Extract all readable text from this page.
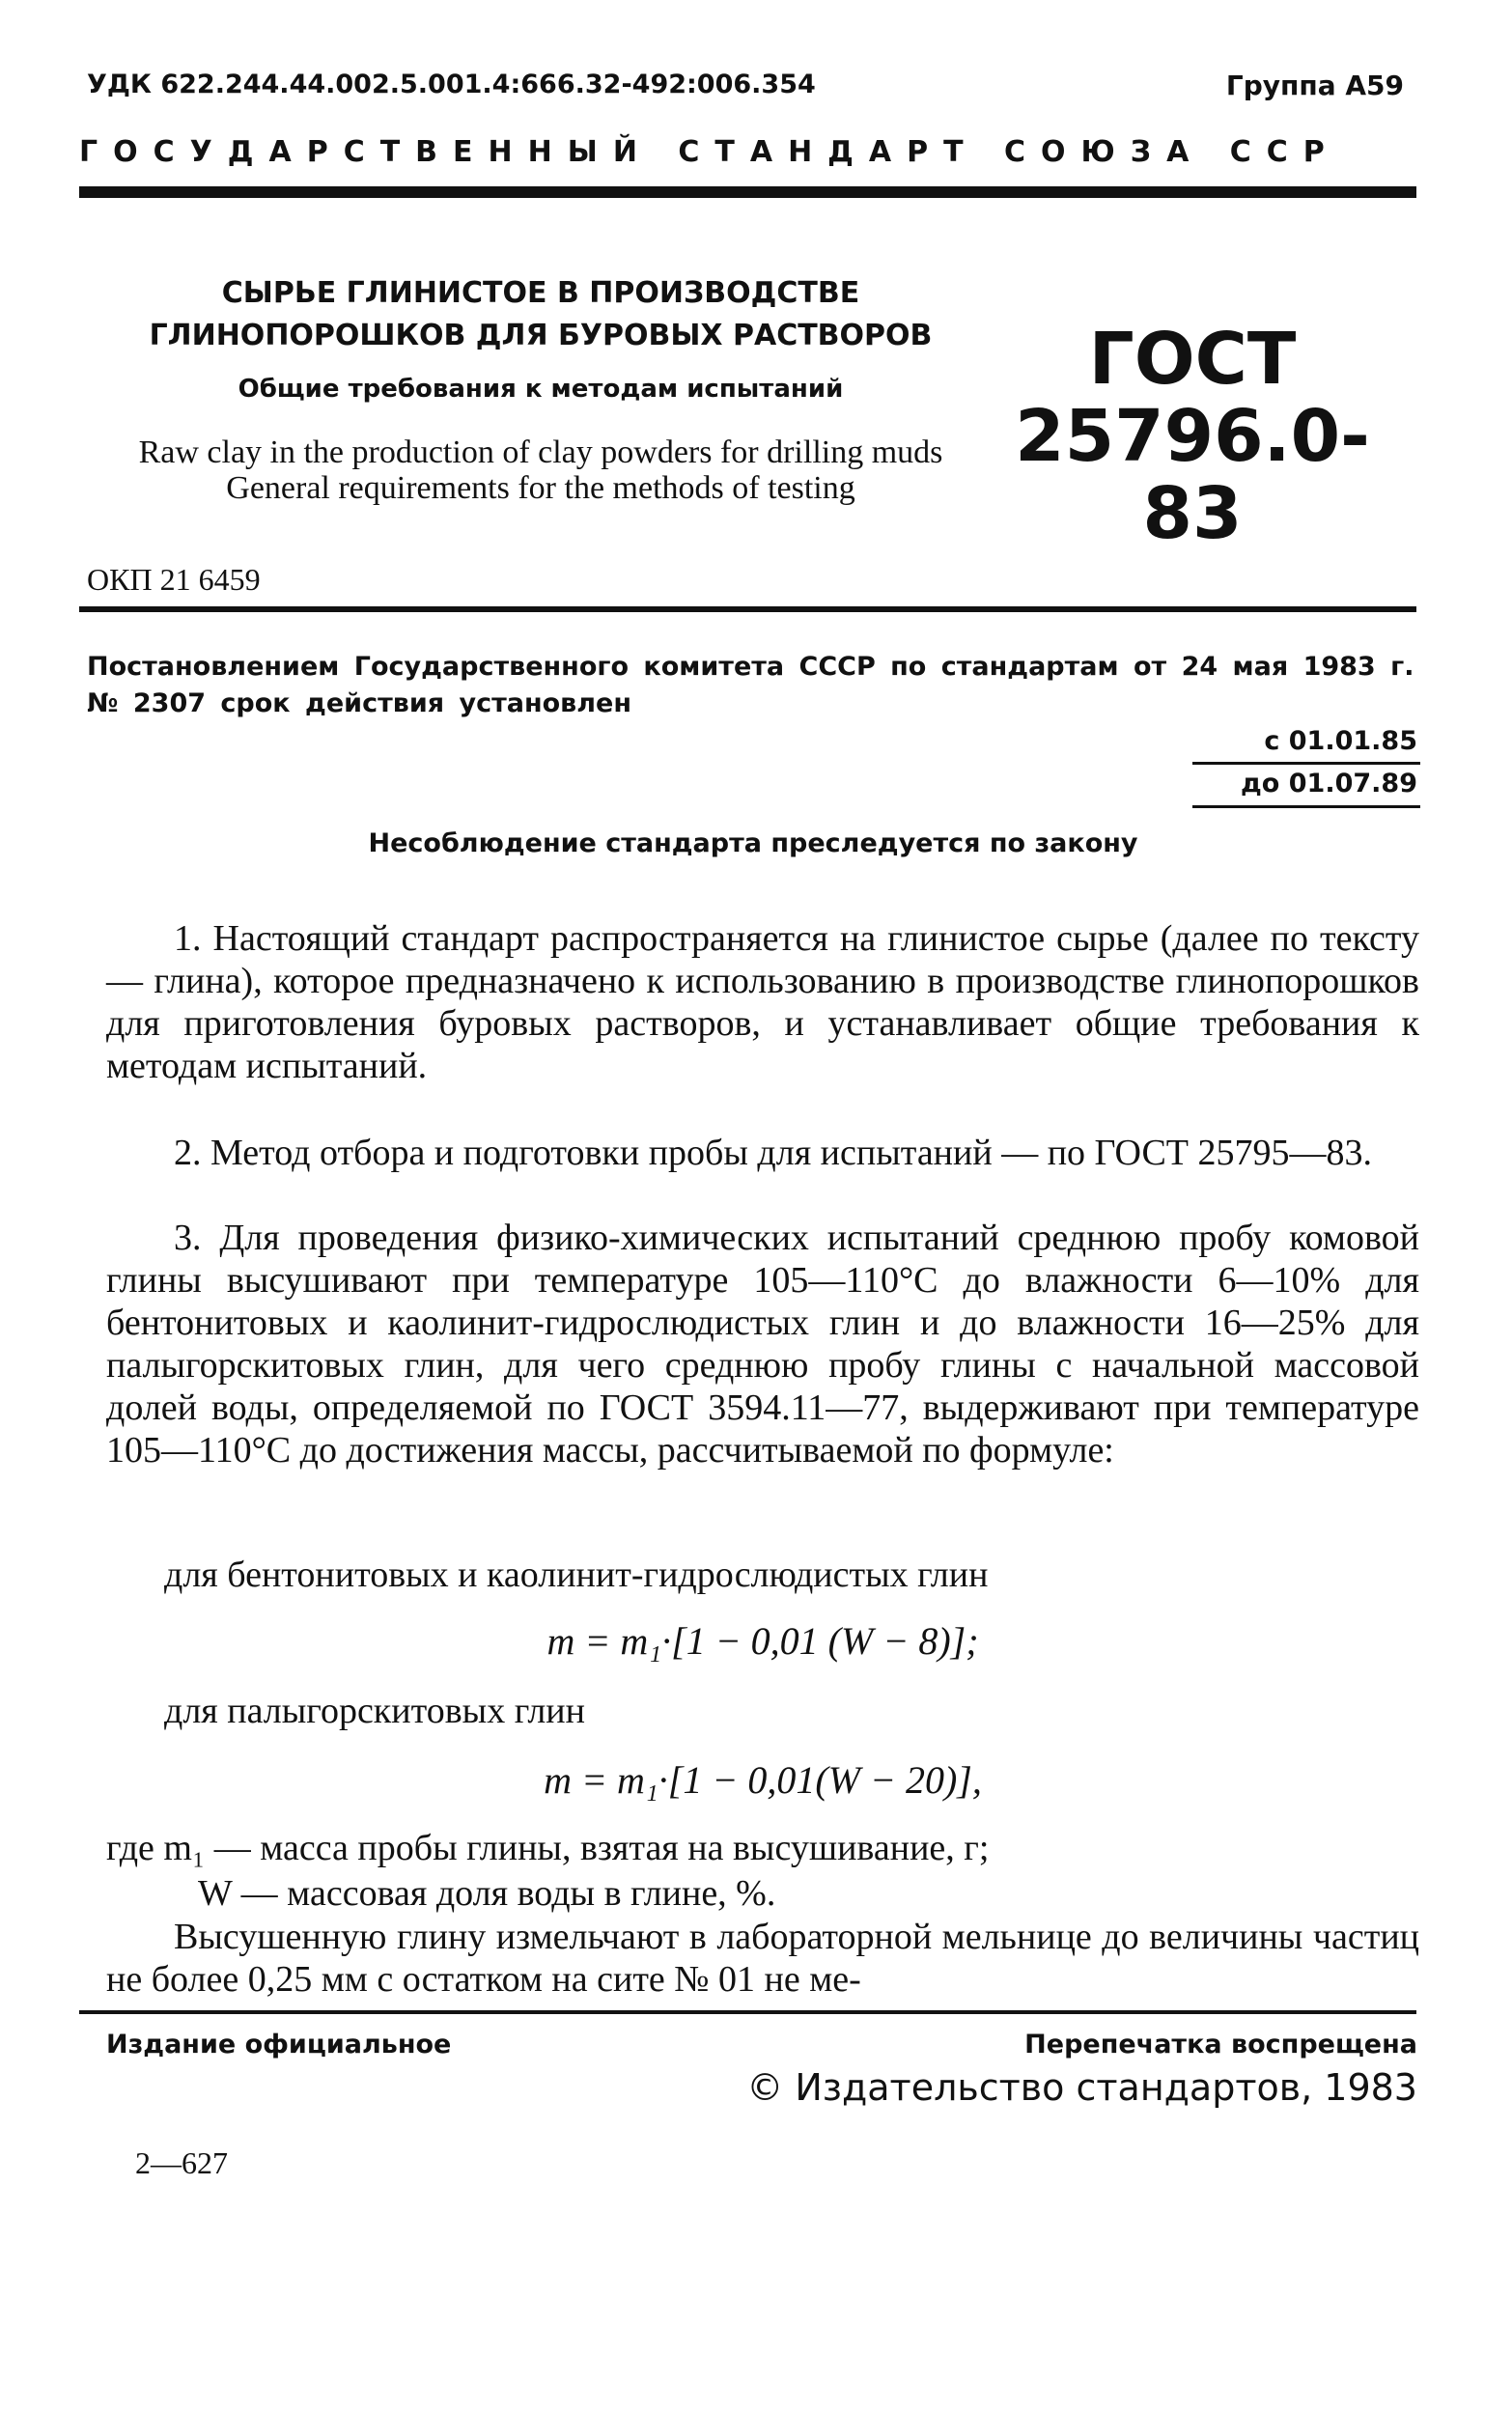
УДК 622.244.44.002.5.001.4:666.32-492:006.354	Группа А59
ГОСУДАРСТВЕННЫЙ СТАНДАРТ СОЮЗА ССР
СЫРЬЕ ГЛИНИСТОЕ В ПРОИЗВОДСТВЕ
ГЛИНОПОРОШКОВ ДЛЯ БУРОВЫХ РАСТВОРОВ
Общие требования к методам испытаний
Raw clay in the production of clay powders for drilling muds General requirements for the methods of testing
ГОСТ
25796.0-83
ОКП 21 6459
Постановлением Государственного комитета СССР по стандартам от 24 мая 1983 г. № 2307 срок действия установлен
с 01.01.85
до 01.07.89
Несоблюдение стандарта преследуется по закону
1. Настоящий стандарт распространяется на глинистое сырье (далее по тексту — глина), которое предназначено к использованию в производстве глинопорошков для приготовления буровых растворов, и устанавливает общие требования к методам испытаний.
2. Метод отбора и подготовки пробы для испытаний — по ГОСТ 25795—83.
3. Для проведения физико-химических испытаний среднюю пробу комовой глины высушивают при температуре 105—110°С до влажности 6—10% для бентонитовых и каолинит-гидрослюдистых глин и до влажности 16—25% для палыгорскитовых глин, для чего среднюю пробу глины с начальной массовой долей воды, определяемой по ГОСТ 3594.11—77, выдерживают при температуре 105—110°С до достижения массы, рассчитываемой по формуле:
для бентонитовых и каолинит-гидрослюдистых глин
m = m₁·[1 − 0,01 (W − 8)];
для палыгорскитовых глин
m = m₁·[1 − 0,01(W − 20)],
где m₁ — масса пробы глины, взятая на высушивание, г;
W — массовая доля воды в глине, %.
Высушенную глину измельчают в лабораторной мельнице до величины частиц не более 0,25 мм с остатком на сите № 01 не ме-
Издание официальное	Перепечатка воспрещена
© Издательство стандартов, 1983
2—627
